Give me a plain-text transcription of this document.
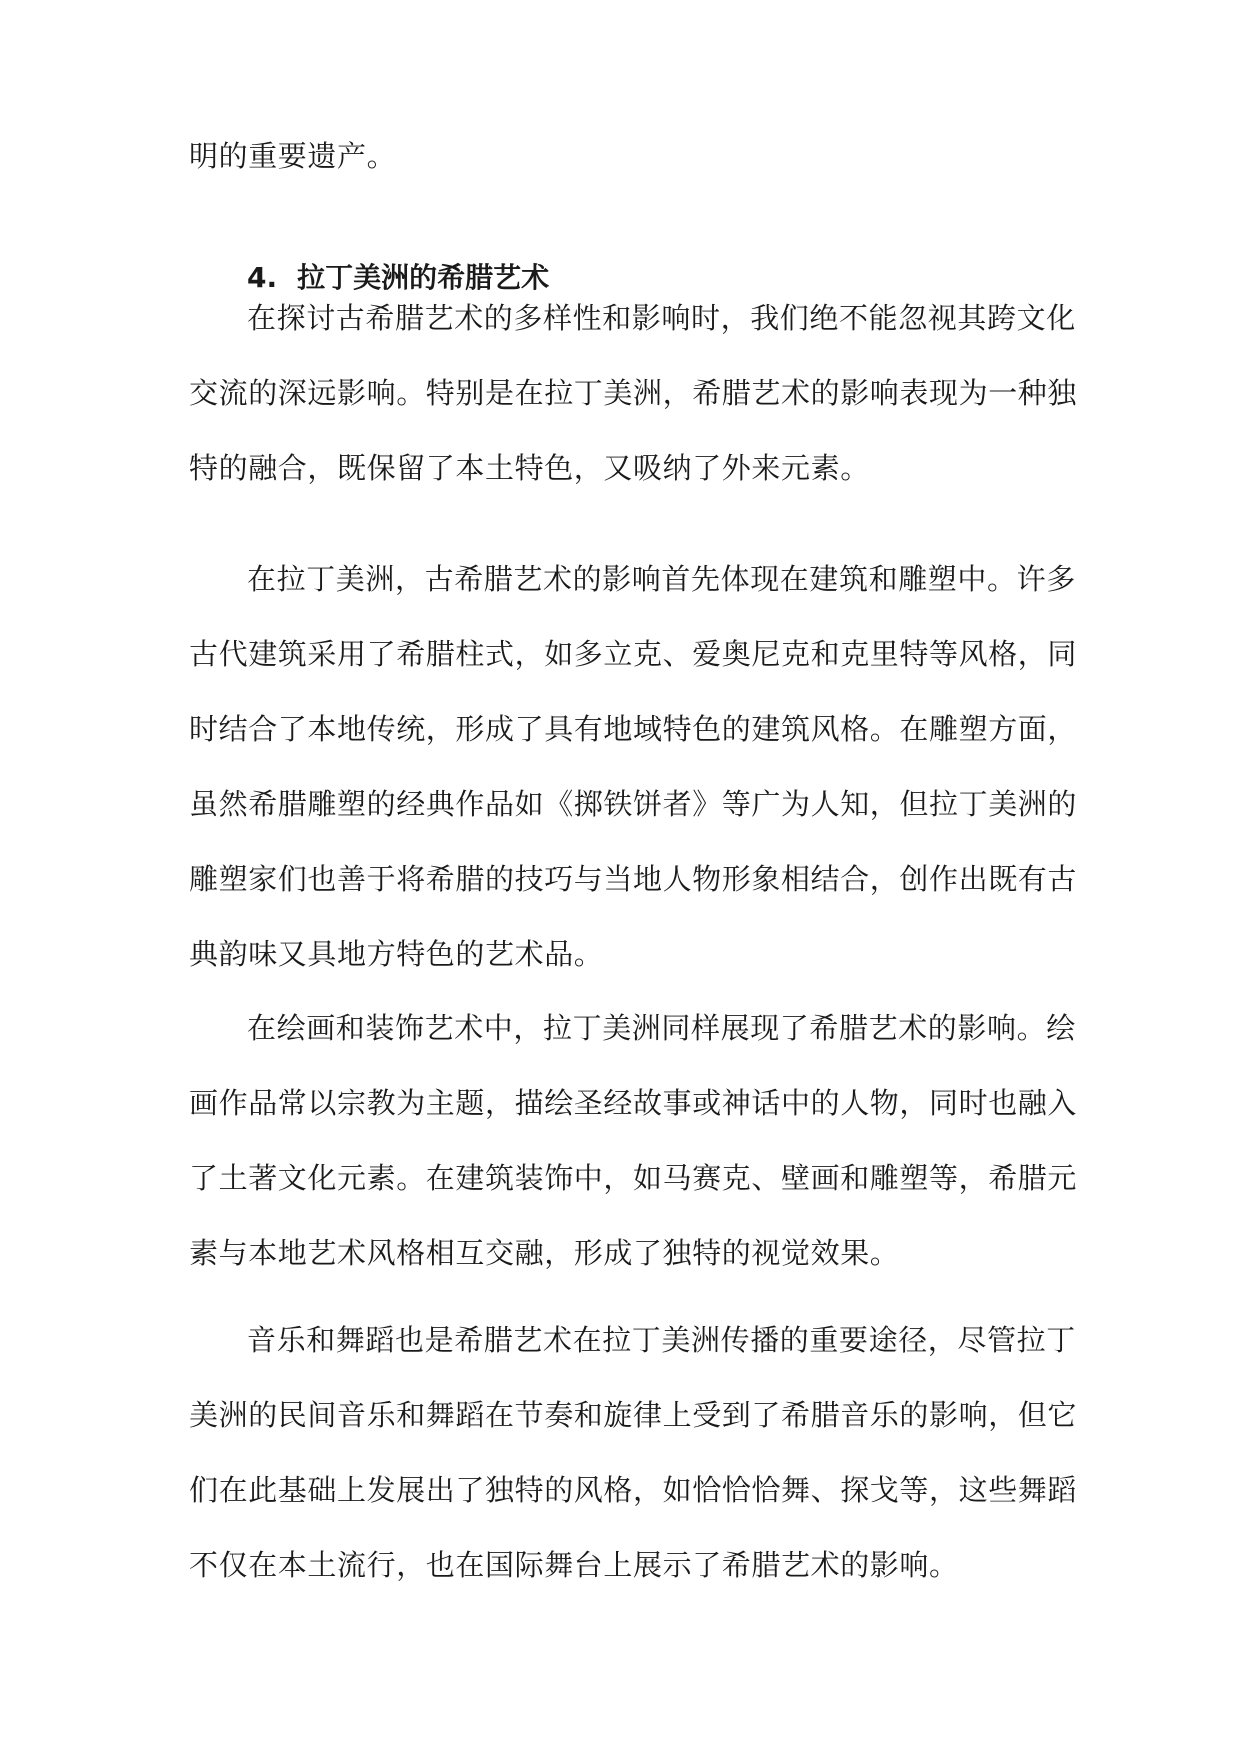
明的重要遗产。
4. 拉丁美洲的希腊艺术
在探讨古希腊艺术的多样性和影响时，我们绝不能忽视其跨文化
交流的深远影响。特别是在拉丁美洲，希腊艺术的影响表现为一种独
特的融合，既保留了本土特色，又吸纳了外来元素。
在拉丁美洲，古希腊艺术的影响首先体现在建筑和雕塑中。许多
古代建筑采用了希腊柱式，如多立克、爱奥尼克和克里特等风格，同
时结合了本地传统，形成了具有地域特色的建筑风格。在雕塑方面，
虽然希腊雕塑的经典作品如《掷铁饼者》等广为人知，但拉丁美洲的
雕塑家们也善于将希腊的技巧与当地人物形象相结合，创作出既有古
典韵味又具地方特色的艺术品。
在绘画和装饰艺术中，拉丁美洲同样展现了希腊艺术的影响。绘
画作品常以宗教为主题，描绘圣经故事或神话中的人物，同时也融入
了土著文化元素。在建筑装饰中，如马赛克、壁画和雕塑等，希腊元
素与本地艺术风格相互交融，形成了独特的视觉效果。
音乐和舞蹈也是希腊艺术在拉丁美洲传播的重要途径，尽管拉丁
美洲的民间音乐和舞蹈在节奏和旋律上受到了希腊音乐的影响，但它
们在此基础上发展出了独特的风格，如恰恰恰舞、探戈等，这些舞蹈
不仅在本土流行，也在国际舞台上展示了希腊艺术的影响。
